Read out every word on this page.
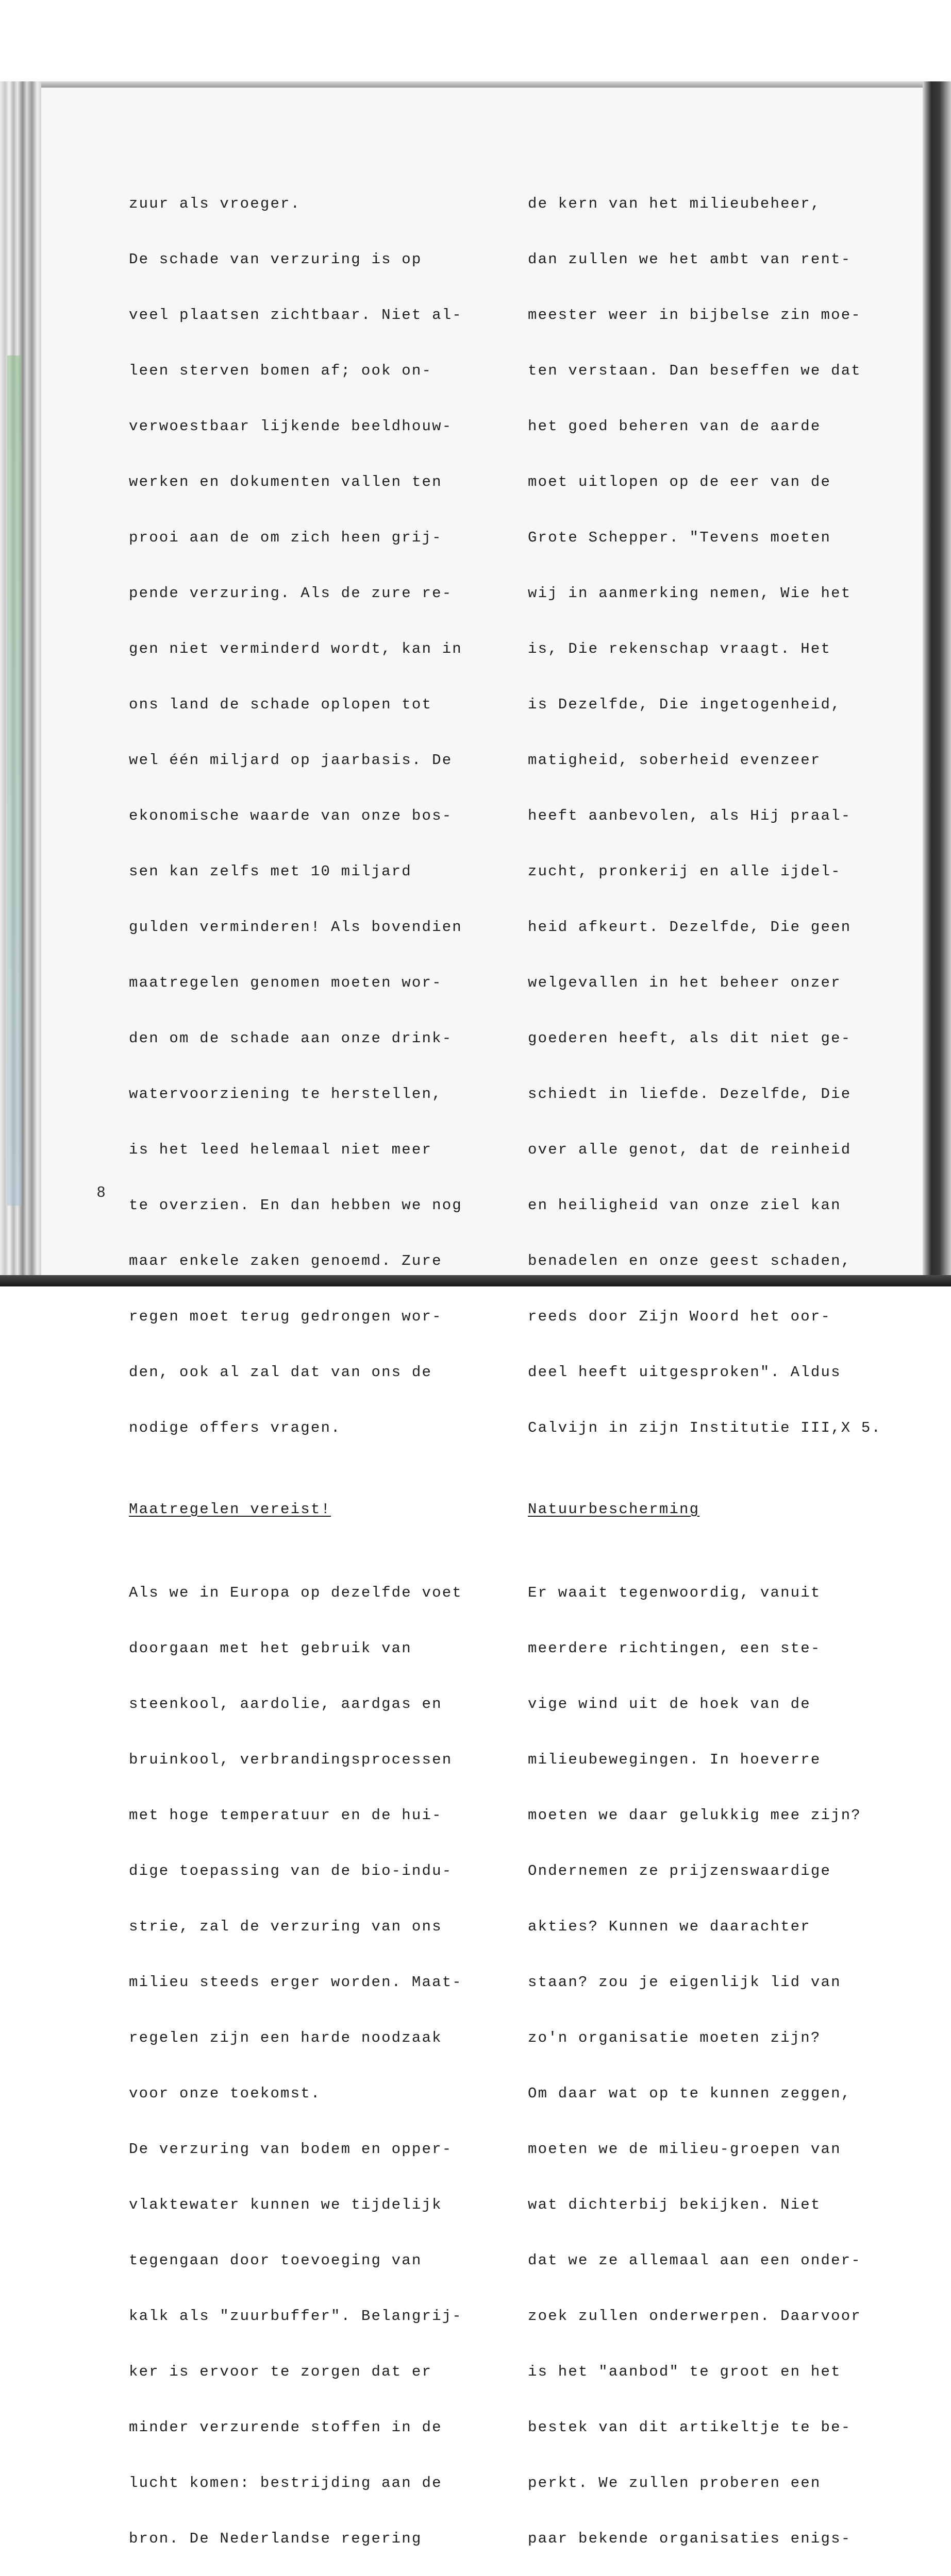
zuur als vroeger.

De schade van verzuring is op

veel plaatsen zichtbaar. Niet al-

leen sterven bomen af; ook on-

verwoestbaar lijkende beeldhouw-

werken en dokumenten vallen ten

prooi aan de om zich heen grij-

pende verzuring. Als de zure re-

gen niet verminderd wordt, kan in

ons land de schade oplopen tot

wel één miljard op jaarbasis. De

ekonomische waarde van onze bos-

sen kan zelfs met 10 miljard

gulden verminderen! Als bovendien

maatregelen genomen moeten wor-

den om de schade aan onze drink-

watervoorziening te herstellen,

is het leed helemaal niet meer

te overzien. En dan hebben we nog

maar enkele zaken genoemd. Zure

regen moet terug gedrongen wor-

den, ook al zal dat van ons de

nodige offers vragen.

Maatregelen vereist!

Als we in Europa op dezelfde voet

doorgaan met het gebruik van

steenkool, aardolie, aardgas en

bruinkool, verbrandingsprocessen

met hoge temperatuur en de hui-

dige toepassing van de bio-indu-

strie, zal de verzuring van ons

milieu steeds erger worden. Maat-

regelen zijn een harde noodzaak

voor onze toekomst.

De verzuring van bodem en opper-

vlaktewater kunnen we tijdelijk

tegengaan door toevoeging van

kalk als "zuurbuffer". Belangrij-

ker is ervoor te zorgen dat er

minder verzurende stoffen in de

lucht komen: bestrijding aan de

bron. De Nederlandse regering

de kern van het milieubeheer,

dan zullen we het ambt van rent-

meester weer in bijbelse zin moe-

ten verstaan. Dan beseffen we dat

het goed beheren van de aarde

moet uitlopen op de eer van de

Grote Schepper. "Tevens moeten

wij in aanmerking nemen, Wie het

is, Die rekenschap vraagt. Het

is Dezelfde, Die ingetogenheid,

matigheid, soberheid evenzeer

heeft aanbevolen, als Hij praal-

zucht, pronkerij en alle ijdel-

heid afkeurt. Dezelfde, Die geen

welgevallen in het beheer onzer

goederen heeft, als dit niet ge-

schiedt in liefde. Dezelfde, Die

over alle genot, dat de reinheid

en heiligheid van onze ziel kan

benadelen en onze geest schaden,

reeds door Zijn Woord het oor-

deel heeft uitgesproken". Aldus

Calvijn in zijn Institutie III,X 5.

Natuurbescherming

Er waait tegenwoordig, vanuit

meerdere richtingen, een ste-

vige wind uit de hoek van de

milieubewegingen. In hoeverre

moeten we daar gelukkig mee zijn?

Ondernemen ze prijzenswaardige

akties? Kunnen we daarachter

staan? zou je eigenlijk lid van

zo'n organisatie moeten zijn?

Om daar wat op te kunnen zeggen,

moeten we de milieu-groepen van

wat dichterbij bekijken. Niet

dat we ze allemaal aan een onder-

zoek zullen onderwerpen. Daarvoor

is het "aanbod" te groot en het

bestek van dit artikeltje te be-

perkt. We zullen proberen een

paar bekende organisaties enigs-

8
